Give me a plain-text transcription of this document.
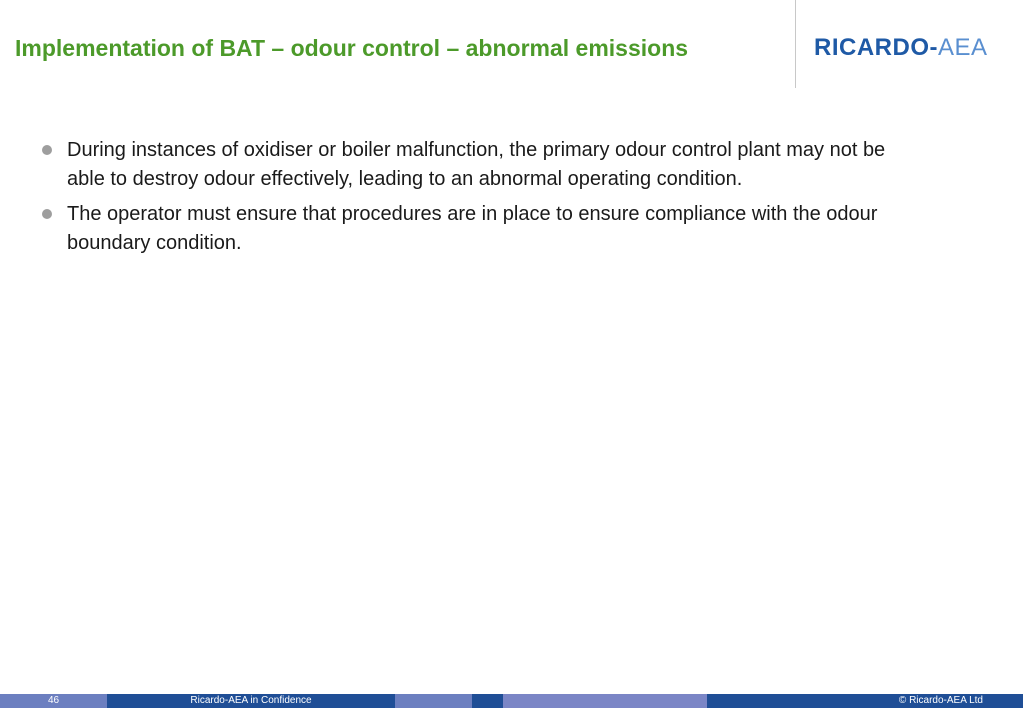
Implementation of BAT – odour control – abnormal emissions	RICARDO-AEA
During instances of oxidiser or boiler malfunction, the primary odour control plant may not be able to destroy odour effectively, leading to an abnormal operating condition.
The operator must ensure that procedures are in place to ensure compliance with the odour boundary condition.
46	Ricardo-AEA in Confidence	© Ricardo-AEA Ltd
